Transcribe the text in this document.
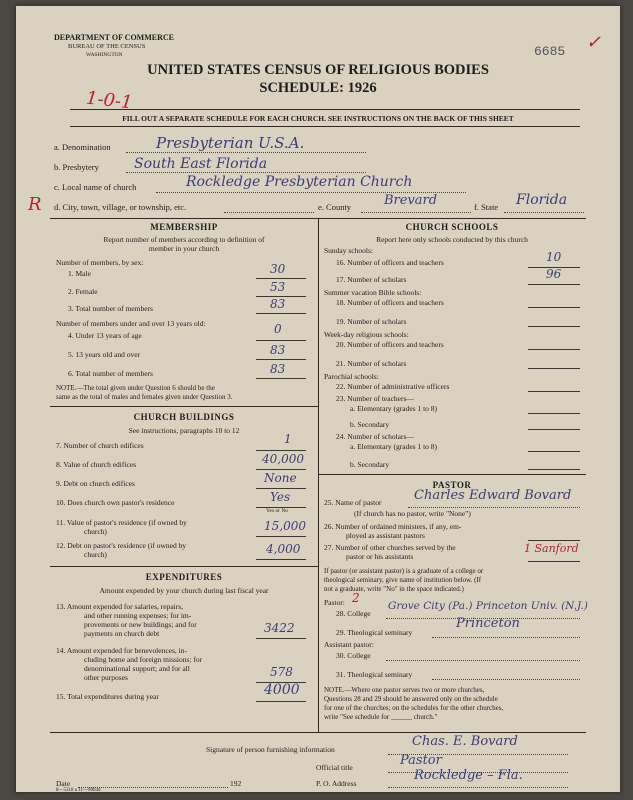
DEPARTMENT OF COMMERCE
BUREAU OF THE CENSUS
WASHINGTON	6685 ✓
UNITED STATES CENSUS OF RELIGIOUS BODIES
SCHEDULE: 1926
1-0-1
FILL OUT A SEPARATE SCHEDULE FOR EACH CHURCH. SEE INSTRUCTIONS ON THE BACK OF THIS SHEET
a. Denomination	Presbyterian U.S.A.
b. Presbytery	South East Florida
c. Local name of church	Rockledge Presbyterian Church
R d. City, town, village, or township, etc.	e. County	Brevard	f. State Florida
MEMBERSHIP
Report number of members according to definition of
member in your church
Number of members, by sex:
1. Male	30
2. Female	53
3. Total number of members	83
Number of members under and over 13 years old:
4. Under 13 years of age	0
5. 13 years old and over	83
6. Total number of members	83
NOTE.—The total given under Question 6 should be the
same as the total of males and females given under Question 3.
CHURCH BUILDINGS
See instructions, paragraphs 10 to 12
7. Number of church edifices	1
8. Value of church edifices	40,000
9. Debt on church edifices	None
10. Does church own pastor's residence	Yes
Yes or No
11. Value of pastor's residence (if owned by
church)	15,000
12. Debt on pastor's residence (if owned by
church)	4,000
EXPENDITURES
Amount expended by your church during last fiscal year
13. Amount expended for salaries, repairs,
and other running expenses; for im-
provements or new buildings; and for
payments on church debt	3422
14. Amount expended for benevolences, in-
cluding home and foreign missions; for
denominational support; and for all
other purposes	578
15. Total expenditures during year	4000
CHURCH SCHOOLS
Report here only schools conducted by this church
Sunday schools:
16. Number of officers and teachers	10
17. Number of scholars	96
Summer vacation Bible schools:
18. Number of officers and teachers
19. Number of scholars
Week-day religious schools:
20. Number of officers and teachers
21. Number of scholars
Parochial schools:
22. Number of administrative officers
23. Number of teachers—
a. Elementary (grades 1 to 8)
b. Secondary
24. Number of scholars—
a. Elementary (grades 1 to 8)
b. Secondary
PASTOR
25. Name of pastor	Charles Edward Bovard
(If church has no pastor, write "None")
26. Number of ordained ministers, if any, em-
ployed as assistant pastors
27. Number of other churches served by the
pastor or his assistants
1 Sanford
If pastor (or assistant pastor) is a graduate of a college or
theological seminary, give name of institution below. (If
not a graduate, write "No" in the space indicated.)
Pastor: 2
28. College
Grove City (Pa.) Princeton Univ. (N.J.)
29. Theological seminary
Princeton
Assistant pastor:
30. College
31. Theological seminary
NOTE.—Where one pastor serves two or more churches,
Questions 28 and 29 should be answered only on the schedule
for one of the churches; on the schedules for the other churches,
write "See schedule for ______ church."
Signature of person furnishing information
Chas. E. Bovard
Official title	Pastor
Date	192	P. O. Address
Rockledge – Fla.
8—5318 a 11—9064d
